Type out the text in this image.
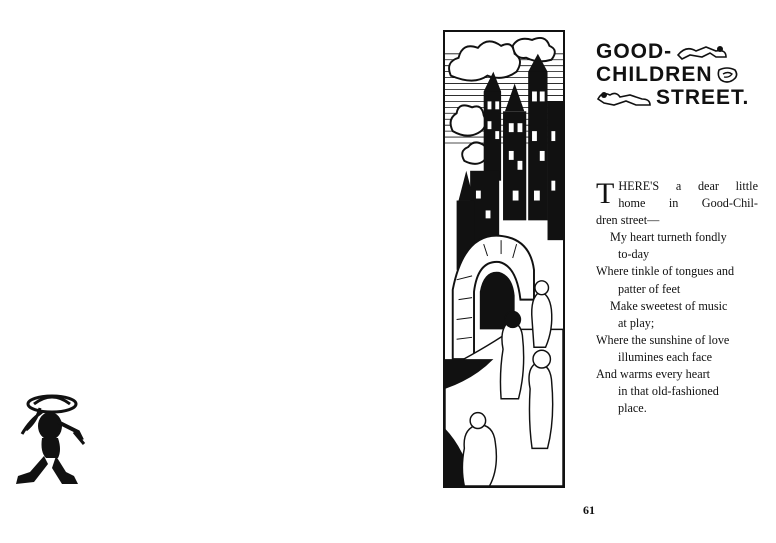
GOOD-
CHILDREN
STREET.
T HERE'S a dear little
home in Good-Chil-
dren street—
My heart turneth fondly
to-day
Where tinkle of tongues and
patter of feet
Make sweetest of music
at play;
Where the sunshine of love
illumines each face
And warms every heart
in that old-fashioned
place.
61
